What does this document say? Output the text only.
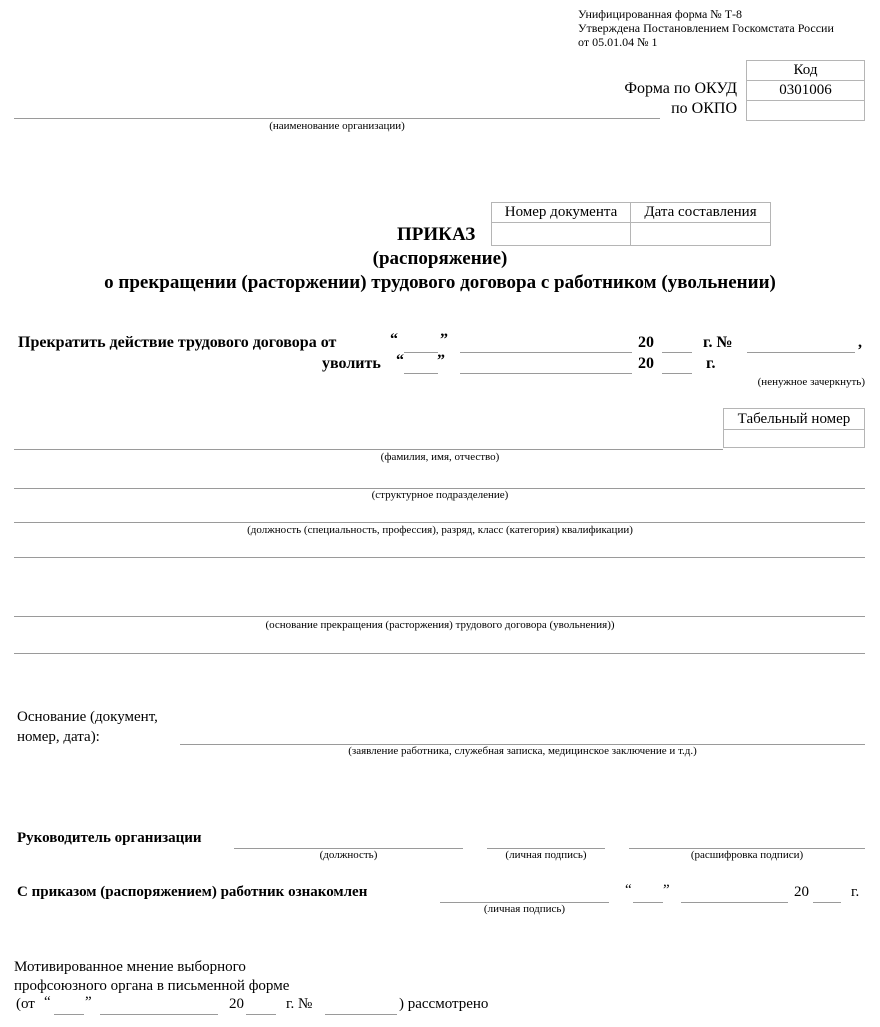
Унифицированная форма № Т-8
Утверждена Постановлением Госкомстата России
от 05.01.04 № 1
Код
0301006

Форма по ОКУД
по ОКПО
(наименование организации)
Номер документа	Дата составления

ПРИКАЗ
(распоряжение)
о прекращении (расторжении) трудового договора с работником (увольнении)
Прекратить действие трудового договора от	“	”	20	г. №	,
уволить “ ”	20	г.
(ненужное зачеркнуть)
Табельный номер

(фамилия, имя, отчество)
(структурное подразделение)
(должность (специальность, профессия), разряд, класс (категория) квалификации)
(основание прекращения (расторжения) трудового договора (увольнения))
Основание (документ,
номер, дата):
(заявление работника, служебная записка, медицинское заключение и т.д.)
Руководитель организации
(должность)	(личная подпись)	(расшифровка подписи)
С приказом (распоряжением) работник ознакомлен
(личная подпись)
“ ”	20	г.
Мотивированное мнение выборного
профсоюзного органа в письменной форме
(от “ ”	20	г. №	) рассмотрено
